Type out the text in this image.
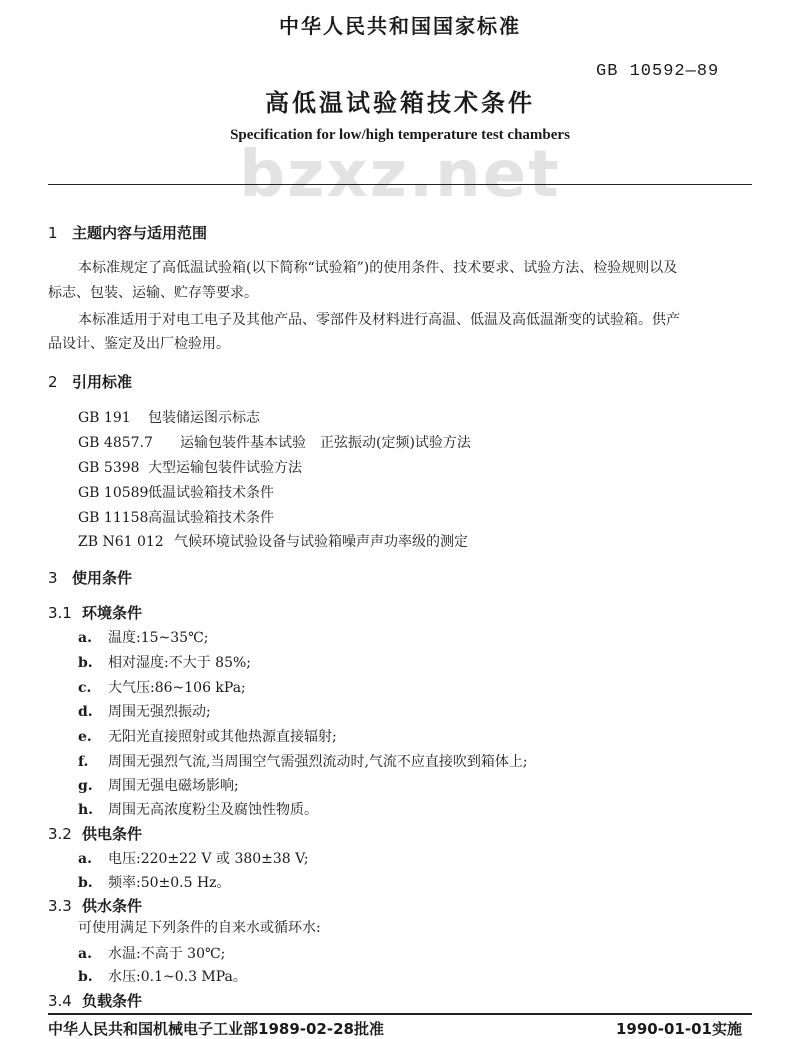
bzxz.net
中华人民共和国国家标准
GB 10592—89
高低温试验箱技术条件
Specification for low/high temperature test chambers
1 主题内容与适用范围
本标准规定了高低温试验箱(以下简称“试验箱”)的使用条件、技术要求、试验方法、检验规则以及
标志、包装、运输、贮存等要求。
本标准适用于对电工电子及其他产品、零部件及材料进行高温、低温及高低温渐变的试验箱。供产
品设计、鉴定及出厂检验用。
2 引用标准
GB 191 包装储运图示标志
GB 4857.7 运输包装件基本试验　正弦振动(定频)试验方法
GB 5398 大型运输包装件试验方法
GB 10589低温试验箱技术条件
GB 11158高温试验箱技术条件
ZB N61 012 气候环境试验设备与试验箱噪声声功率级的测定
3 使用条件
3.1 环境条件
a. 温度:15~35℃;
b. 相对湿度:不大于 85%;
c. 大气压:86~106 kPa;
d. 周围无强烈振动;
e. 无阳光直接照射或其他热源直接辐射;
f. 周围无强烈气流,当周围空气需强烈流动时,气流不应直接吹到箱体上;
g. 周围无强电磁场影响;
h. 周围无高浓度粉尘及腐蚀性物质。
3.2 供电条件
a. 电压:220±22 V 或 380±38 V;
b. 频率:50±0.5 Hz。
3.3 供水条件
可使用满足下列条件的自来水或循环水:
a. 水温:不高于 30℃;
b. 水压:0.1~0.3 MPa。
3.4 负载条件
中华人民共和国机械电子工业部1989-02-28批准	1990-01-01实施
